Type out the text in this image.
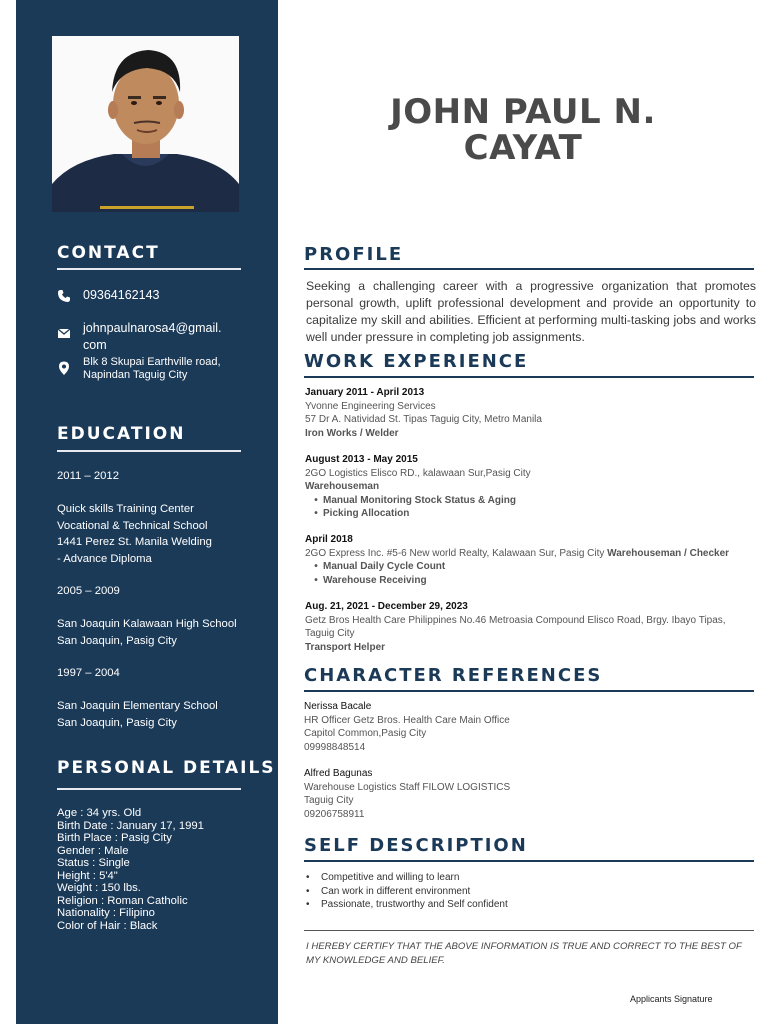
CONTACT
09364162143
johnpaulnarosa4@gmail.
com
Blk 8 Skupai Earthville road,
Napindan Taguig City
EDUCATION
2011 – 2012
Quick skills Training Center
Vocational & Technical School
1441 Perez St. Manila Welding
- Advance Diploma
2005 – 2009
San Joaquin Kalawaan High School
San Joaquin, Pasig City
1997 – 2004
San Joaquin Elementary School
San Joaquin, Pasig City
PERSONAL DETAILS
Age : 34 yrs. Old
Birth Date : January 17, 1991
Birth Place : Pasig City
Gender : Male
Status : Single
Height : 5'4"
Weight : 150 lbs.
Religion : Roman Catholic
Nationality : Filipino
Color of Hair : Black
JOHN PAUL N.
CAYAT
PROFILE
Seeking a challenging career with a progressive organization that promotes personal growth, uplift professional development and provide an opportunity to capitalize my skill and abilities. Efficient at performing multi-tasking jobs and works well under pressure in completing job assignments.
WORK EXPERIENCE
January 2011 - April 2013
Yvonne Engineering Services
57 Dr A. Natividad St. Tipas Taguig City, Metro Manila
Iron Works / Welder
August 2013 - May 2015
2GO Logistics Elisco RD., kalawaan Sur,Pasig City
Warehouseman
• Manual Monitoring Stock Status & Aging
• Picking Allocation
April 2018
2GO Express Inc. #5-6 New world Realty, Kalawaan Sur, Pasig City Warehouseman / Checker
• Manual Daily Cycle Count
• Warehouse Receiving
Aug. 21, 2021 - December 29, 2023
Getz Bros Health Care Philippines No.46 Metroasia Compound Elisco Road, Brgy. Ibayo Tipas,
Taguig City
Transport Helper
CHARACTER REFERENCES
Nerissa Bacale
HR Officer Getz Bros. Health Care Main Office
Capitol Common,Pasig City
09998848514
Alfred Bagunas
Warehouse Logistics Staff FILOW LOGISTICS
Taguig City
09206758911
SELF DESCRIPTION
• Competitive and willing to learn
• Can work in different environment
• Passionate, trustworthy and Self confident
I HEREBY CERTIFY THAT THE ABOVE INFORMATION IS TRUE AND CORRECT TO THE BEST OF MY KNOWLEDGE AND BELIEF.
Applicants Signature
